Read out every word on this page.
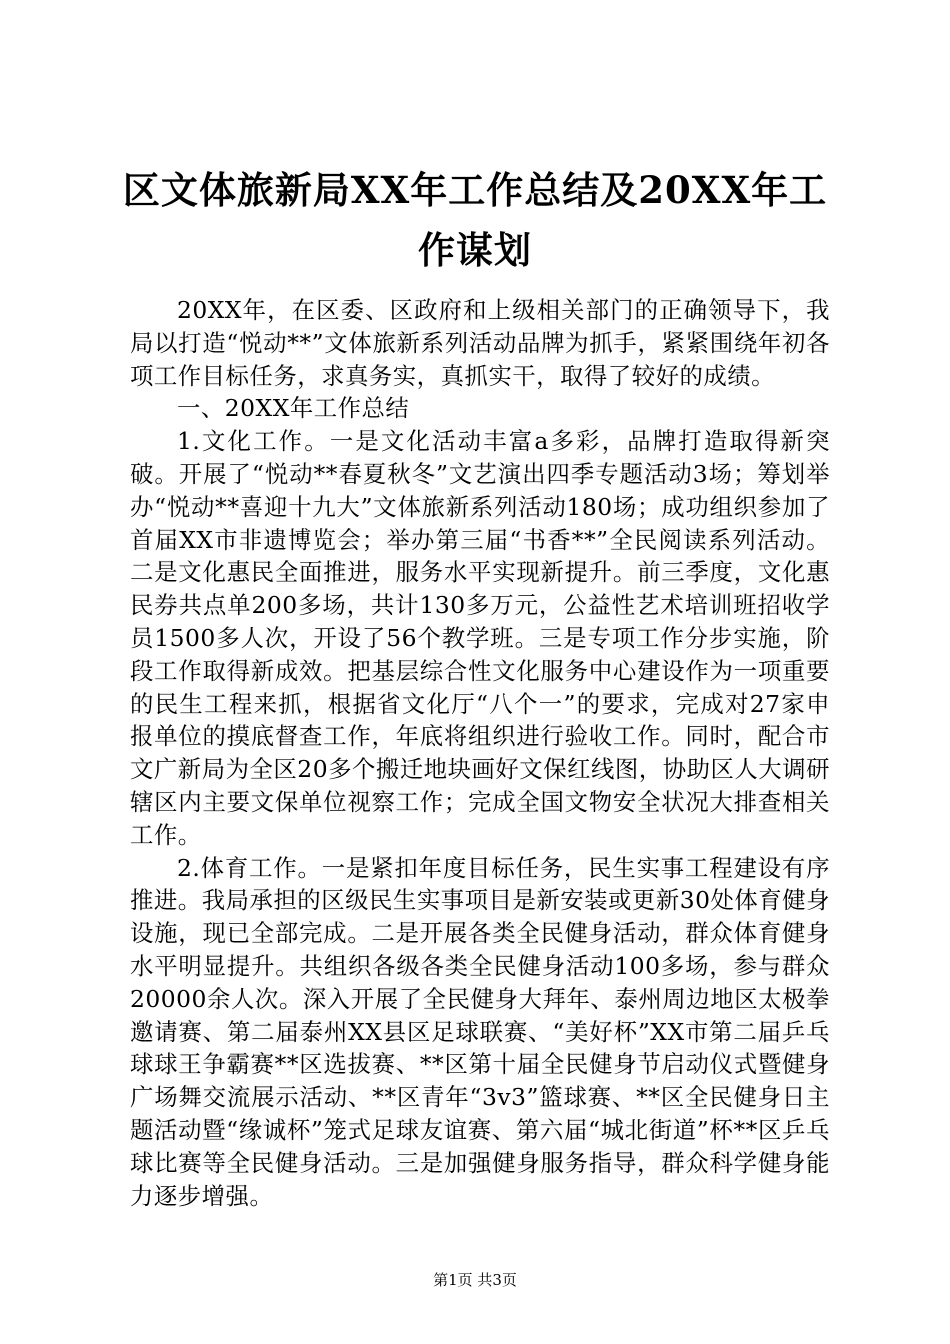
区文体旅新局XX年工作总结及20XX年工作谋划

20XX年，在区委、区政府和上级相关部门的正确领导下，我局以打造“悦动**”文体旅新系列活动品牌为抓手，紧紧围绕年初各项工作目标任务，求真务实，真抓实干，取得了较好的成绩。

一、20XX年工作总结

1.文化工作。一是文化活动丰富a多彩，品牌打造取得新突破。开展了“悦动**春夏秋冬”文艺演出四季专题活动3场；筹划举办“悦动**喜迎十九大”文体旅新系列活动180场；成功组织参加了首届XX市非遗博览会；举办第三届“书香**”全民阅读系列活动。二是文化惠民全面推进，服务水平实现新提升。前三季度，文化惠民券共点单200多场，共计130多万元，公益性艺术培训班招收学员1500多人次，开设了56个教学班。三是专项工作分步实施，阶段工作取得新成效。把基层综合性文化服务中心建设作为一项重要的民生工程来抓，根据省文化厅“八个一”的要求，完成对27家申报单位的摸底督查工作，年底将组织进行验收工作。同时，配合市文广新局为全区20多个搬迁地块画好文保红线图，协助区人大调研辖区内主要文保单位视察工作；完成全国文物安全状况大排查相关工作。

2.体育工作。一是紧扣年度目标任务，民生实事工程建设有序推进。我局承担的区级民生实事项目是新安装或更新30处体育健身设施，现已全部完成。二是开展各类全民健身活动，群众体育健身水平明显提升。共组织各级各类全民健身活动100多场，参与群众20000余人次。深入开展了全民健身大拜年、泰州周边地区太极拳邀请赛、第二届泰州XX县区足球联赛、“美好杯”XX市第二届乒乓球球王争霸赛**区选拔赛、**区第十届全民健身节启动仪式暨健身广场舞交流展示活动、**区青年“3v3”篮球赛、**区全民健身日主题活动暨“缘诚杯”笼式足球友谊赛、第六届“城北街道”杯**区乒乓球比赛等全民健身活动。三是加强健身服务指导，群众科学健身能力逐步增强。

第1页 共3页
